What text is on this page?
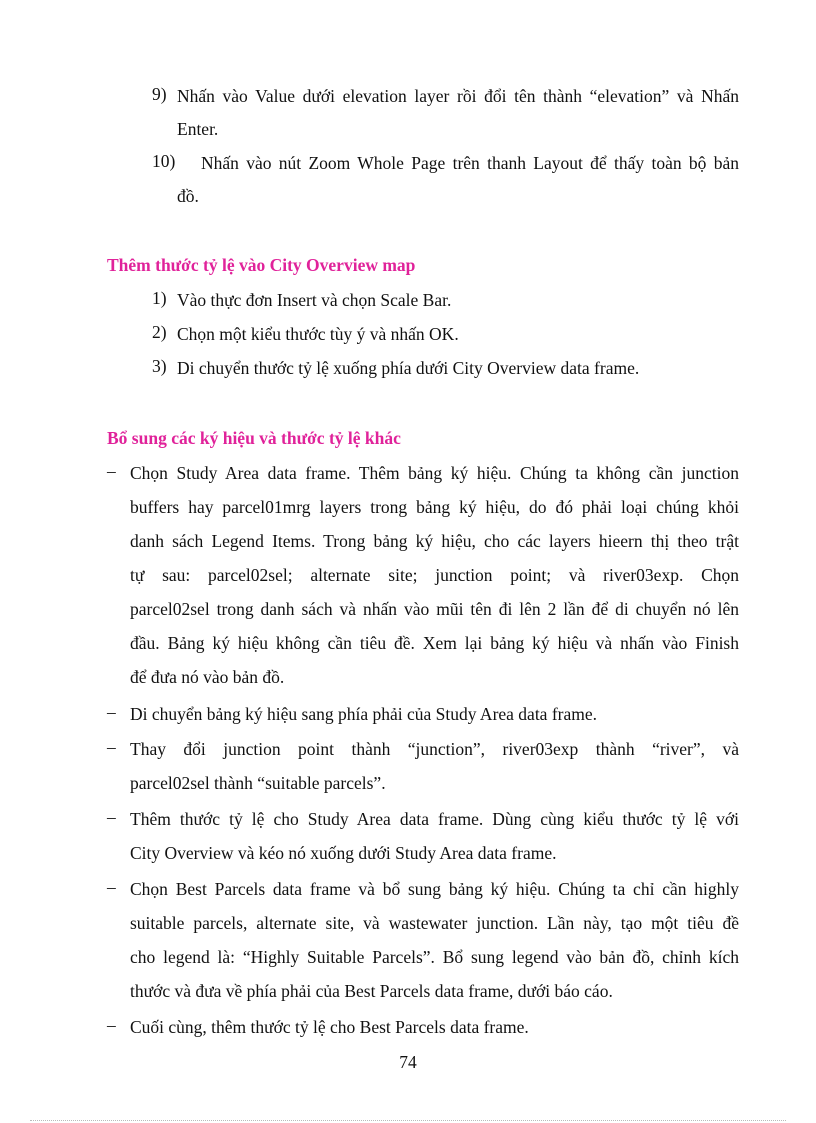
9) Nhấn vào Value dưới elevation layer rồi đổi tên thành “elevation” và Nhấn
Enter.
10) Nhấn vào nút Zoom Whole Page trên thanh Layout để thấy toàn bộ bản
đồ.
Thêm thước tỷ lệ vào City Overview map
1) Vào thực đơn Insert và chọn Scale Bar.
2) Chọn một kiểu thước tùy ý và nhấn OK.
3) Di chuyển thước tỷ lệ xuống phía dưới City Overview data frame.
Bổ sung các ký hiệu và thước tỷ lệ khác
– Chọn Study Area data frame. Thêm bảng ký hiệu. Chúng ta không cần junction
buffers hay parcel01mrg layers trong bảng ký hiệu, do đó phải loại chúng khỏi
danh sách Legend Items. Trong bảng ký hiệu, cho các layers hieern thị theo trật
tự sau: parcel02sel; alternate site; junction point; và river03exp. Chọn
parcel02sel trong danh sách và nhấn vào mũi tên đi lên 2 lần để di chuyển nó lên
đầu. Bảng ký hiệu không cần tiêu đề. Xem lại bảng ký hiệu và nhấn vào Finish
để đưa nó vào bản đồ.
– Di chuyển bảng ký hiệu sang phía phải của Study Area data frame.
– Thay đổi junction point thành “junction”, river03exp thành “river”, và
parcel02sel thành “suitable parcels”.
– Thêm thước tỷ lệ cho Study Area data frame. Dùng cùng kiểu thước tỷ lệ với
City Overview và kéo nó xuống dưới Study Area data frame.
– Chọn Best Parcels data frame và bổ sung bảng ký hiệu. Chúng ta chỉ cần highly
suitable parcels, alternate site, và wastewater junction. Lần này, tạo một tiêu đề
cho legend là: “Highly Suitable Parcels”. Bổ sung legend vào bản đồ, chỉnh kích
thước và đưa về phía phải của Best Parcels data frame, dưới báo cáo.
– Cuối cùng, thêm thước tỷ lệ cho Best Parcels data frame.
74
